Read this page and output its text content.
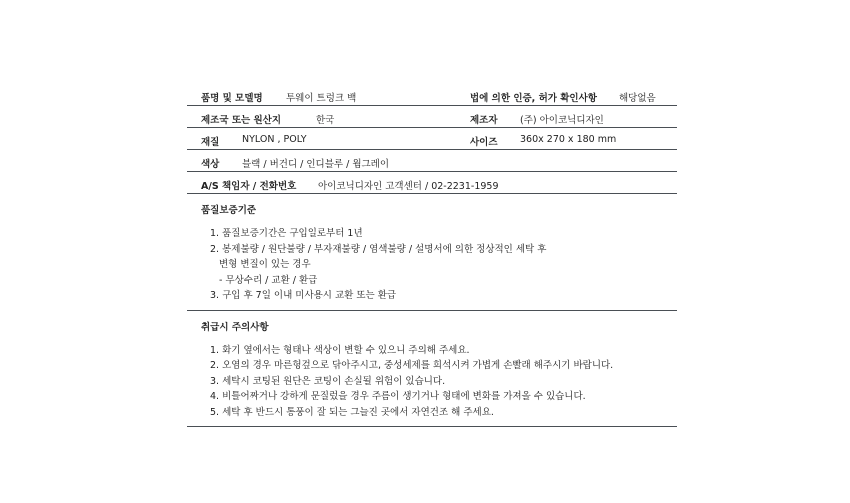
품명 및 모델명 투웨이 트렁크 백	법에 의한 인증, 허가 확인사항 해당없음
제조국 또는 원산지	한국	제조자 (주) 아이코닉디자인
재질 NYLON , POLY	사이즈 360x 270 x 180 mm
색상 블랙 / 버건디 / 인디블루 / 웜그레이
A/S 책임자 / 전화번호 아이코닉디자인 고객센터 / 02-2231-1959
품질보증기준
1. 품질보증기간은 구입일로부터 1년
2. 봉제불량 / 원단불량 / 부자재불량 / 염색불량 / 설명서에 의한 정상적인 세탁 후
변형 변질이 있는 경우
- 무상수리 / 교환 / 환급
3. 구입 후 7일 이내 미사용시 교환 또는 환급
취급시 주의사항
1. 화기 옆에서는 형태나 색상이 변할 수 있으니 주의해 주세요.
2. 오염의 경우 마른헝겊으로 닦아주시고, 중성세제를 희석시켜 가볍게 손빨래 해주시기 바랍니다.
3. 세탁시 코팅된 원단은 코팅이 손실될 위험이 있습니다.
4. 비틀어짜거나 강하게 문질렀을 경우 주름이 생기거나 형태에 변화를 가져올 수 있습니다.
5. 세탁 후 반드시 통풍이 잘 되는 그늘진 곳에서 자연건조 해 주세요.
